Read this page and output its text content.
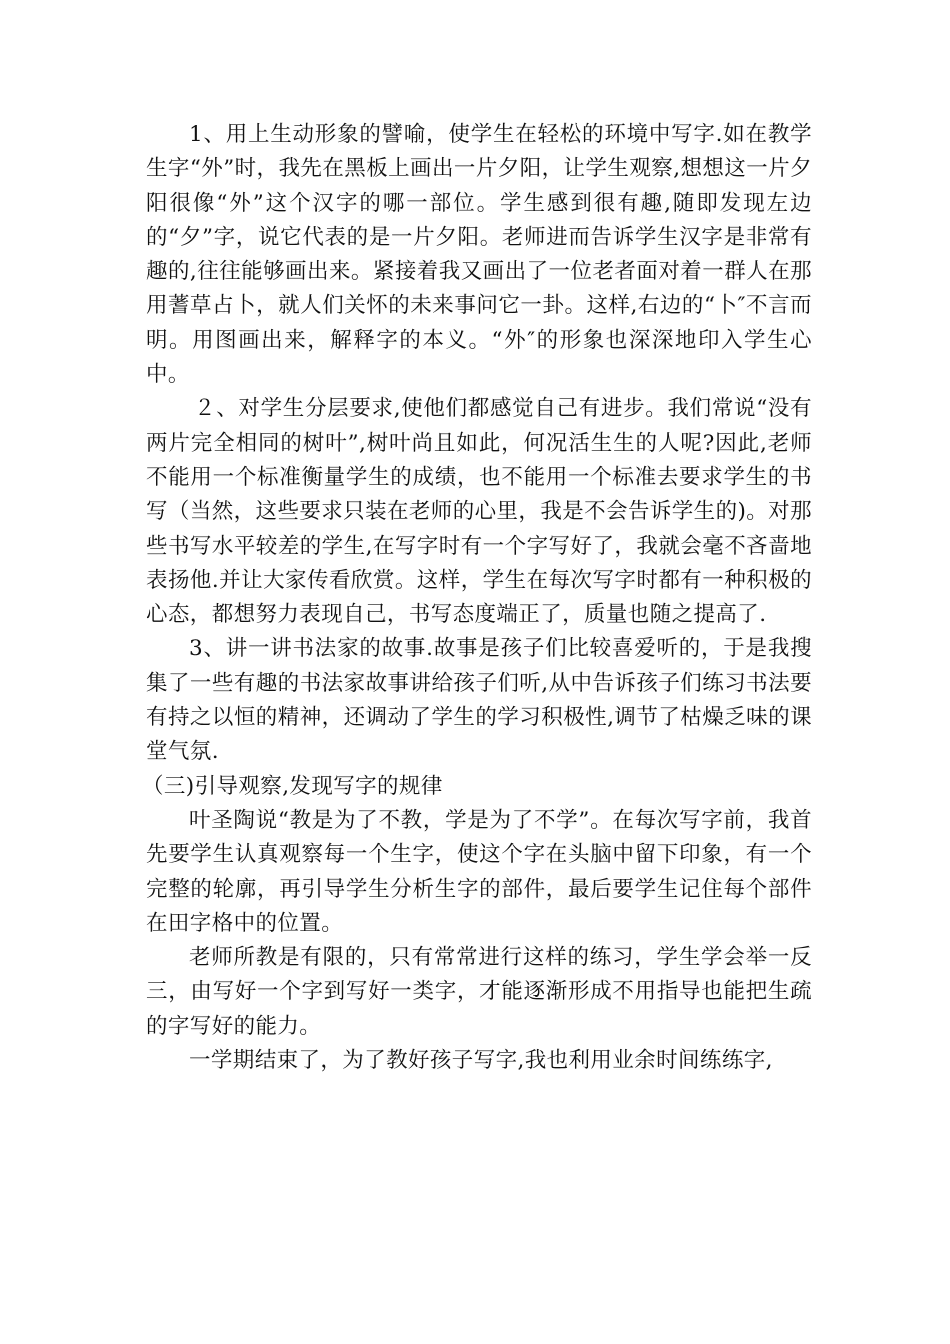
1、用上生动形象的譬喻，使学生在轻松的环境中写字.如在教学生字“外”时，我先在黑板上画出一片夕阳，让学生观察,想想这一片夕阳很像“外”这个汉字的哪一部位。学生感到很有趣,随即发现左边的“夕”字，说它代表的是一片夕阳。老师进而告诉学生汉字是非常有趣的,往往能够画出来。紧接着我又画出了一位老者面对着一群人在那用蓍草占卜，就人们关怀的未来事问它一卦。这样,右边的“卜″不言而明。用图画出来，解释字的本义。“外″的形象也深深地印入学生心中。

２、对学生分层要求,使他们都感觉自己有进步。我们常说“没有两片完全相同的树叶”,树叶尚且如此，何况活生生的人呢?因此,老师不能用一个标准衡量学生的成绩，也不能用一个标准去要求学生的书写（当然，这些要求只装在老师的心里，我是不会告诉学生的)。对那些书写水平较差的学生,在写字时有一个字写好了，我就会毫不吝啬地表扬他.并让大家传看欣赏。这样，学生在每次写字时都有一种积极的心态，都想努力表现自己，书写态度端正了，质量也随之提高了.

3、讲一讲书法家的故事.故事是孩子们比较喜爱听的，于是我搜集了一些有趣的书法家故事讲给孩子们听,从中告诉孩子们练习书法要有持之以恒的精神，还调动了学生的学习积极性,调节了枯燥乏味的课堂气氛.

（三)引导观察,发现写字的规律

叶圣陶说“教是为了不教，学是为了不学”。在每次写字前，我首先要学生认真观察每一个生字，使这个字在头脑中留下印象，有一个完整的轮廓，再引导学生分析生字的部件，最后要学生记住每个部件在田字格中的位置。

老师所教是有限的，只有常常进行这样的练习，学生学会举一反三，由写好一个字到写好一类字，才能逐渐形成不用指导也能把生疏的字写好的能力。

一学期结束了，为了教好孩子写字,我也利用业余时间练练字,
